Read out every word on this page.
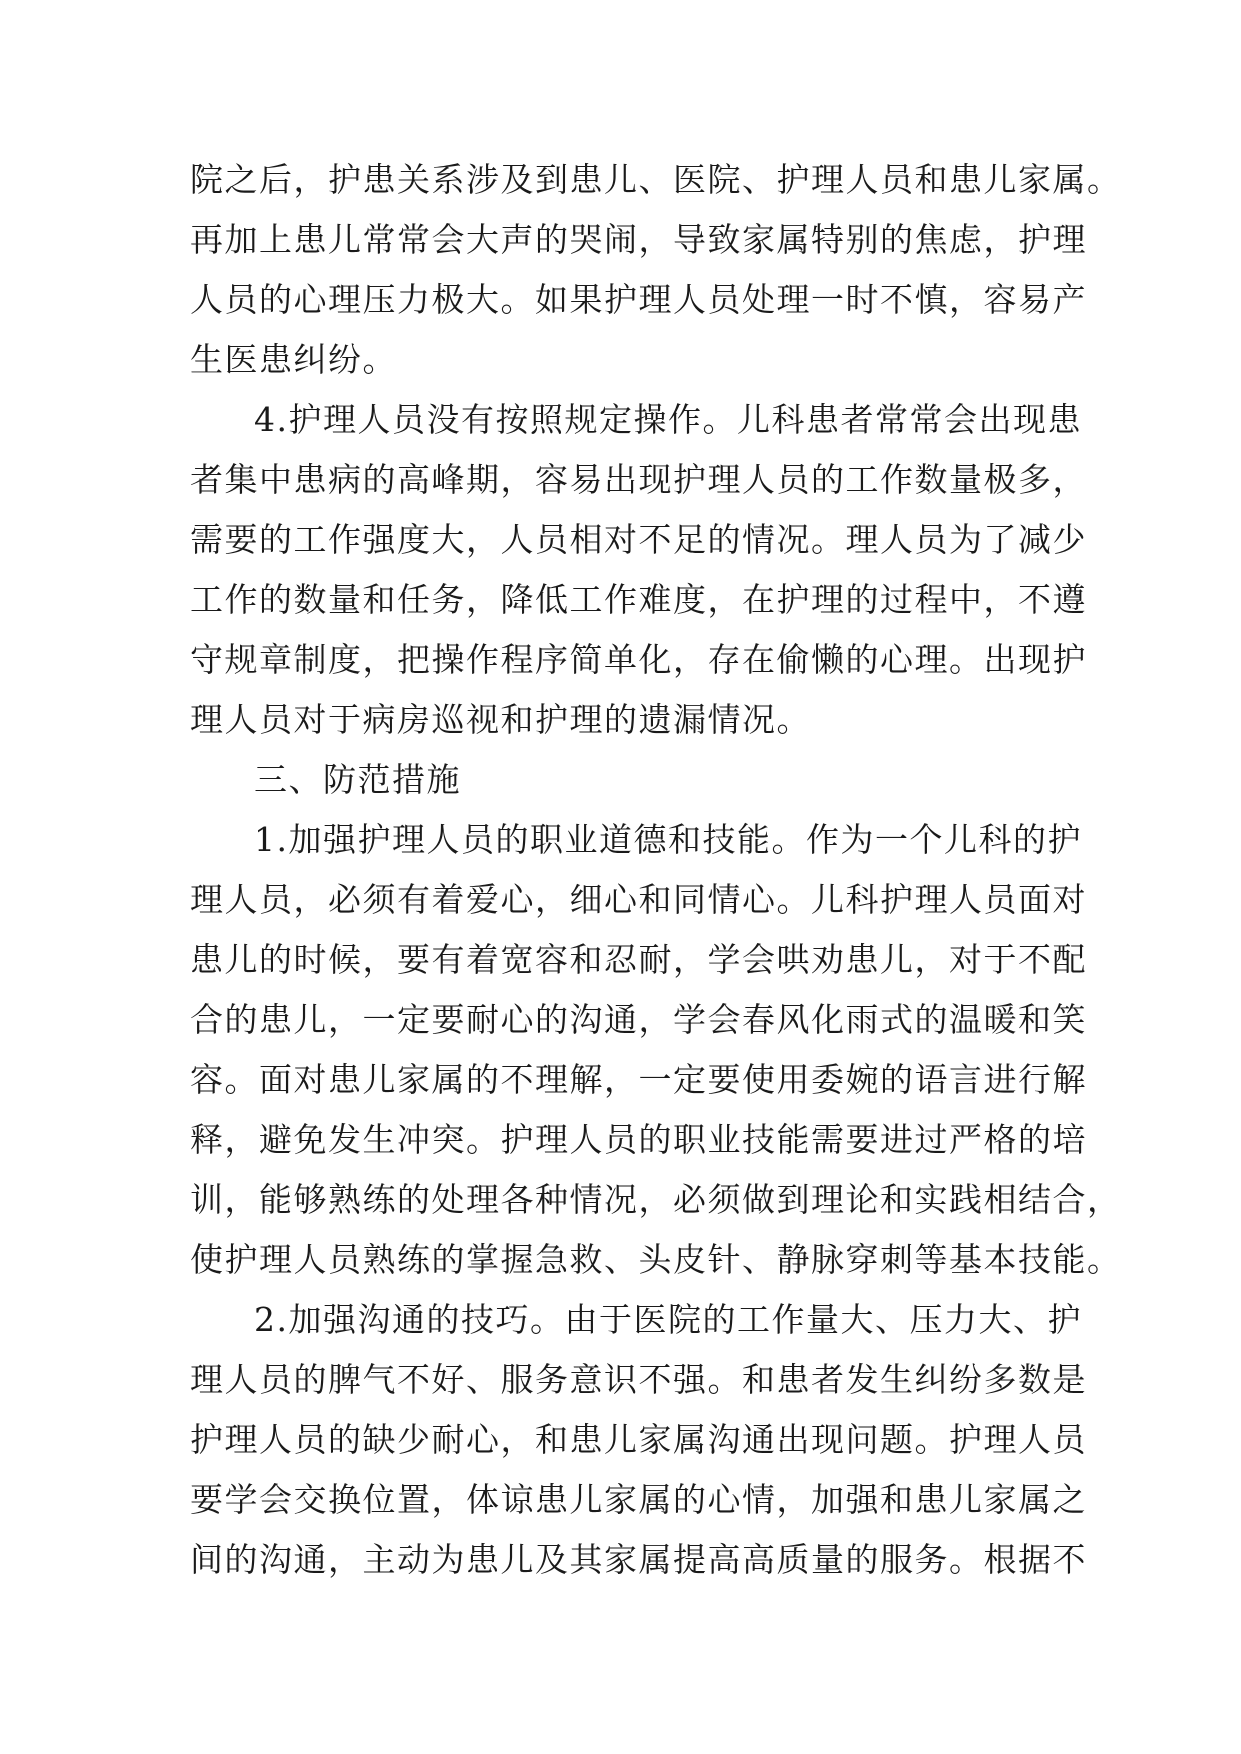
院之后，护患关系涉及到患儿、医院、护理人员和患儿家属。
再加上患儿常常会大声的哭闹，导致家属特别的焦虑，护理
人员的心理压力极大。如果护理人员处理一时不慎，容易产
生医患纠纷。
4.护理人员没有按照规定操作。儿科患者常常会出现患
者集中患病的高峰期，容易出现护理人员的工作数量极多，
需要的工作强度大，人员相对不足的情况。理人员为了减少
工作的数量和任务，降低工作难度，在护理的过程中，不遵
守规章制度，把操作程序简单化，存在偷懒的心理。出现护
理人员对于病房巡视和护理的遗漏情况。
三、防范措施
1.加强护理人员的职业道德和技能。作为一个儿科的护
理人员，必须有着爱心，细心和同情心。儿科护理人员面对
患儿的时候，要有着宽容和忍耐，学会哄劝患儿，对于不配
合的患儿，一定要耐心的沟通，学会春风化雨式的温暖和笑
容。面对患儿家属的不理解，一定要使用委婉的语言进行解
释，避免发生冲突。护理人员的职业技能需要进过严格的培
训，能够熟练的处理各种情况，必须做到理论和实践相结合，
使护理人员熟练的掌握急救、头皮针、静脉穿刺等基本技能。
2.加强沟通的技巧。由于医院的工作量大、压力大、护
理人员的脾气不好、服务意识不强。和患者发生纠纷多数是
护理人员的缺少耐心，和患儿家属沟通出现问题。护理人员
要学会交换位置，体谅患儿家属的心情，加强和患儿家属之
间的沟通，主动为患儿及其家属提高高质量的服务。根据不
